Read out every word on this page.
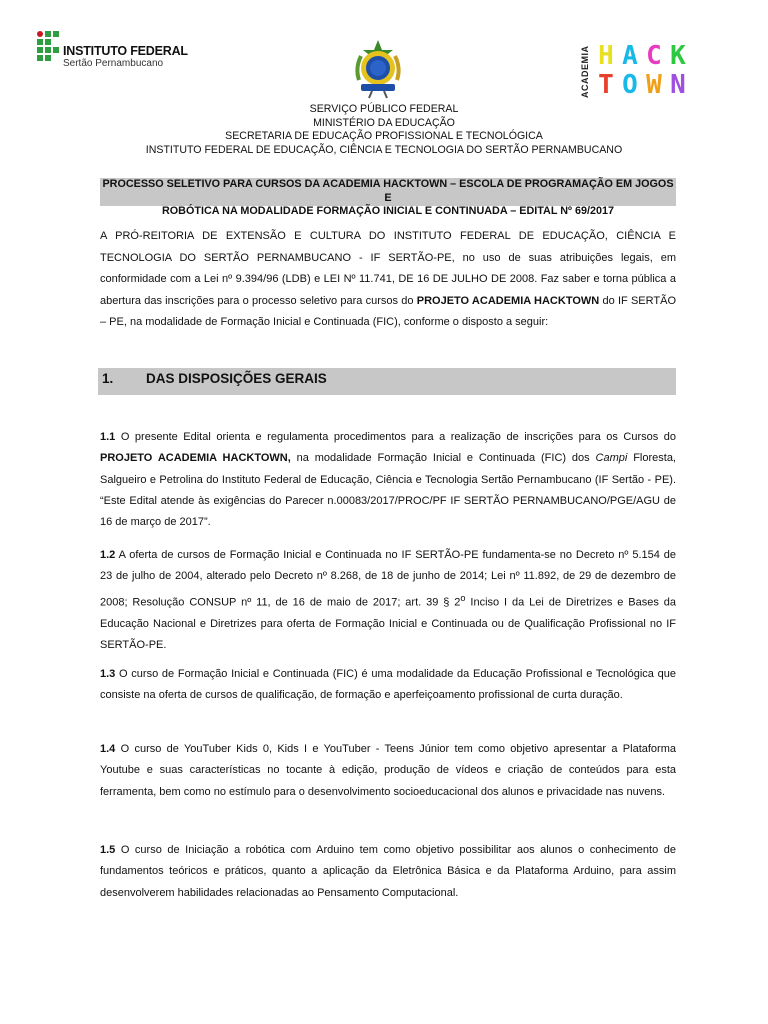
INSTITUTO FEDERAL
Sertão Pernambucano	ACADEMIA H A C K
T O W N
SERVIÇO PÚBLICO FEDERAL
MINISTÉRIO DA EDUCAÇÃO
SECRETARIA DE EDUCAÇÃO PROFISSIONAL E TECNOLÓGICA
INSTITUTO FEDERAL DE EDUCAÇÃO, CIÊNCIA E TECNOLOGIA DO SERTÃO PERNAMBUCANO
PROCESSO SELETIVO PARA CURSOS DA ACADEMIA HACKTOWN – ESCOLA DE PROGRAMAÇÃO EM JOGOS E
ROBÓTICA NA MODALIDADE FORMAÇÃO INICIAL E CONTINUADA – EDITAL Nº 69/2017
A PRÓ-REITORIA DE EXTENSÃO E CULTURA DO INSTITUTO FEDERAL DE EDUCAÇÃO, CIÊNCIA E TECNOLOGIA DO SERTÃO PERNAMBUCANO - IF SERTÃO-PE, no uso de suas atribuições legais, em conformidade com a Lei nº 9.394/96 (LDB) e LEI Nº 11.741, DE 16 DE JULHO DE 2008. Faz saber e torna pública a abertura das inscrições para o processo seletivo para cursos do PROJETO ACADEMIA HACKTOWN do IF SERTÃO – PE, na modalidade de Formação Inicial e Continuada (FIC), conforme o disposto a seguir:
1. DAS DISPOSIÇÕES GERAIS
1.1 O presente Edital orienta e regulamenta procedimentos para a realização de inscrições para os Cursos do PROJETO ACADEMIA HACKTOWN, na modalidade Formação Inicial e Continuada (FIC) dos Campi Floresta, Salgueiro e Petrolina do Instituto Federal de Educação, Ciência e Tecnologia Sertão Pernambucano (IF Sertão - PE). “Este Edital atende às exigências do Parecer n.00083/2017/PROC/PF IF SERTÃO PERNAMBUCANO/PGE/AGU de 16 de março de 2017”.
1.2 A oferta de cursos de Formação Inicial e Continuada no IF SERTÃO-PE fundamenta-se no Decreto nº 5.154 de 23 de julho de 2004, alterado pelo Decreto nº 8.268, de 18 de junho de 2014; Lei nº 11.892, de 29 de dezembro de 2008; Resolução CONSUP nº 11, de 16 de maio de 2017; art. 39 § 2$^o$ Inciso I da Lei de Diretrizes e Bases da Educação Nacional e Diretrizes para oferta de Formação Inicial e Continuada ou de Qualificação Profissional no IF SERTÃO-PE.
1.3 O curso de Formação Inicial e Continuada (FIC) é uma modalidade da Educação Profissional e Tecnológica que consiste na oferta de cursos de qualificação, de formação e aperfeiçoamento profissional de curta duração.
1.4 O curso de YouTuber Kids 0, Kids I e YouTuber - Teens Júnior tem como objetivo apresentar a Plataforma Youtube e suas características no tocante à edição, produção de vídeos e criação de conteúdos para esta ferramenta, bem como no estímulo para o desenvolvimento socioeducacional dos alunos e privacidade nas nuvens.
1.5 O curso de Iniciação a robótica com Arduino tem como objetivo possibilitar aos alunos o conhecimento de fundamentos teóricos e práticos, quanto a aplicação da Eletrônica Básica e da Plataforma Arduino, para assim desenvolverem habilidades relacionadas ao Pensamento Computacional.
